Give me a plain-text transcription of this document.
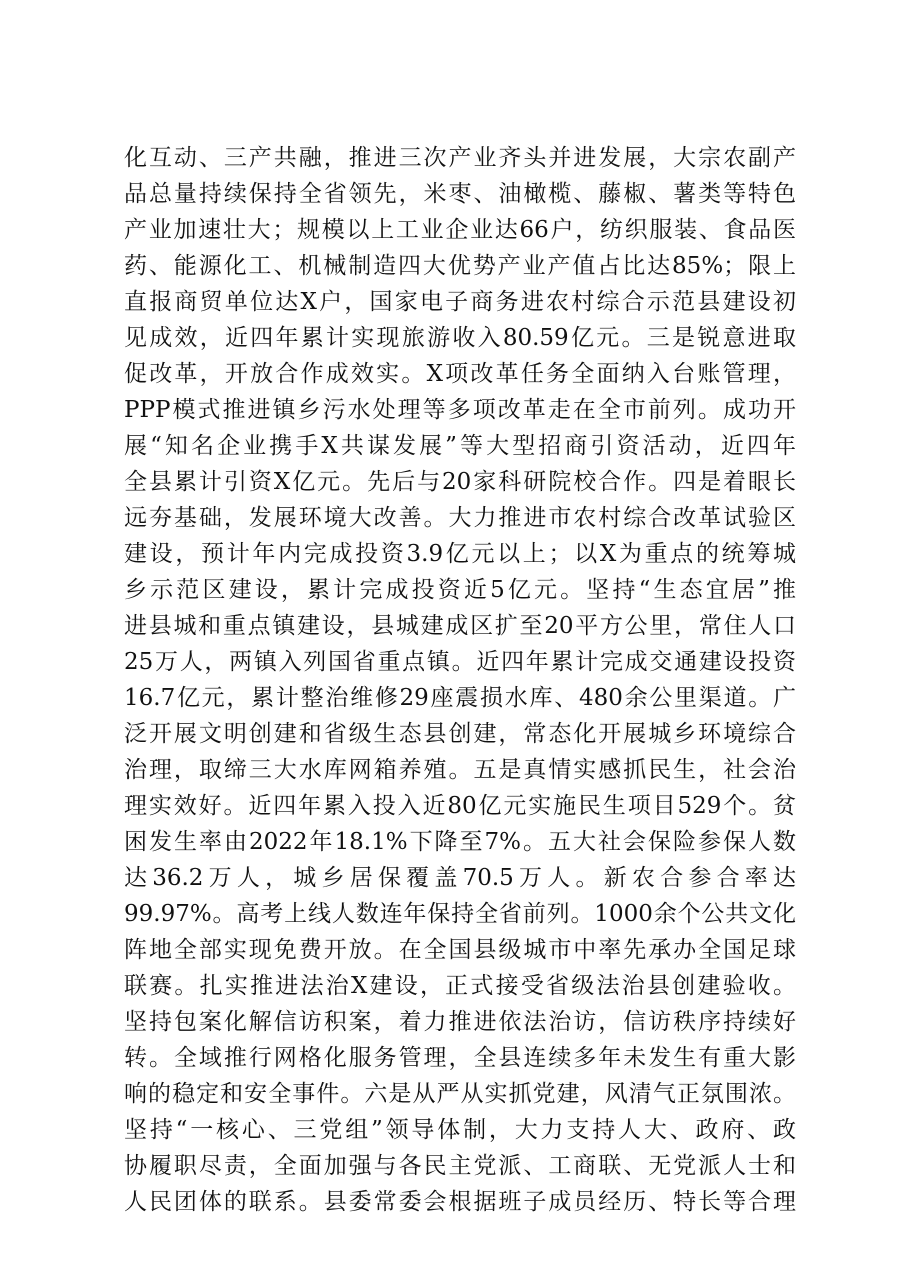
化互动、三产共融，推进三次产业齐头并进发展，大宗农副产
品总量持续保持全省领先，米枣、油橄榄、藤椒、薯类等特色
产业加速壮大；规模以上工业企业达66户，纺织服装、食品医
药、能源化工、机械制造四大优势产业产值占比达85%；限上
直报商贸单位达X户，国家电子商务进农村综合示范县建设初
见成效，近四年累计实现旅游收入80.59亿元。三是锐意进取
促改革，开放合作成效实。X项改革任务全面纳入台账管理，
PPP模式推进镇乡污水处理等多项改革走在全市前列。成功开
展“知名企业携手X共谋发展”等大型招商引资活动，近四年
全县累计引资X亿元。先后与20家科研院校合作。四是着眼长
远夯基础，发展环境大改善。大力推进市农村综合改革试验区
建设，预计年内完成投资3.9亿元以上；以X为重点的统筹城
乡示范区建设，累计完成投资近5亿元。坚持“生态宜居”推
进县城和重点镇建设，县城建成区扩至20平方公里，常住人口
25万人，两镇入列国省重点镇。近四年累计完成交通建设投资
16.7亿元，累计整治维修29座震损水库、480余公里渠道。广
泛开展文明创建和省级生态县创建，常态化开展城乡环境综合
治理，取缔三大水库网箱养殖。五是真情实感抓民生，社会治
理实效好。近四年累入投入近80亿元实施民生项目529个。贫
困发生率由2022年18.1%下降至7%。五大社会保险参保人数
达36.2万人，城乡居保覆盖70.5万人。新农合参合率达
99.97%。高考上线人数连年保持全省前列。1000余个公共文化
阵地全部实现免费开放。在全国县级城市中率先承办全国足球
联赛。扎实推进法治X建设，正式接受省级法治县创建验收。
坚持包案化解信访积案，着力推进依法治访，信访秩序持续好
转。全域推行网格化服务管理，全县连续多年未发生有重大影
响的稳定和安全事件。六是从严从实抓党建，风清气正氛围浓。
坚持“一核心、三党组”领导体制，大力支持人大、政府、政
协履职尽责，全面加强与各民主党派、工商联、无党派人士和
人民团体的联系。县委常委会根据班子成员经历、特长等合理
